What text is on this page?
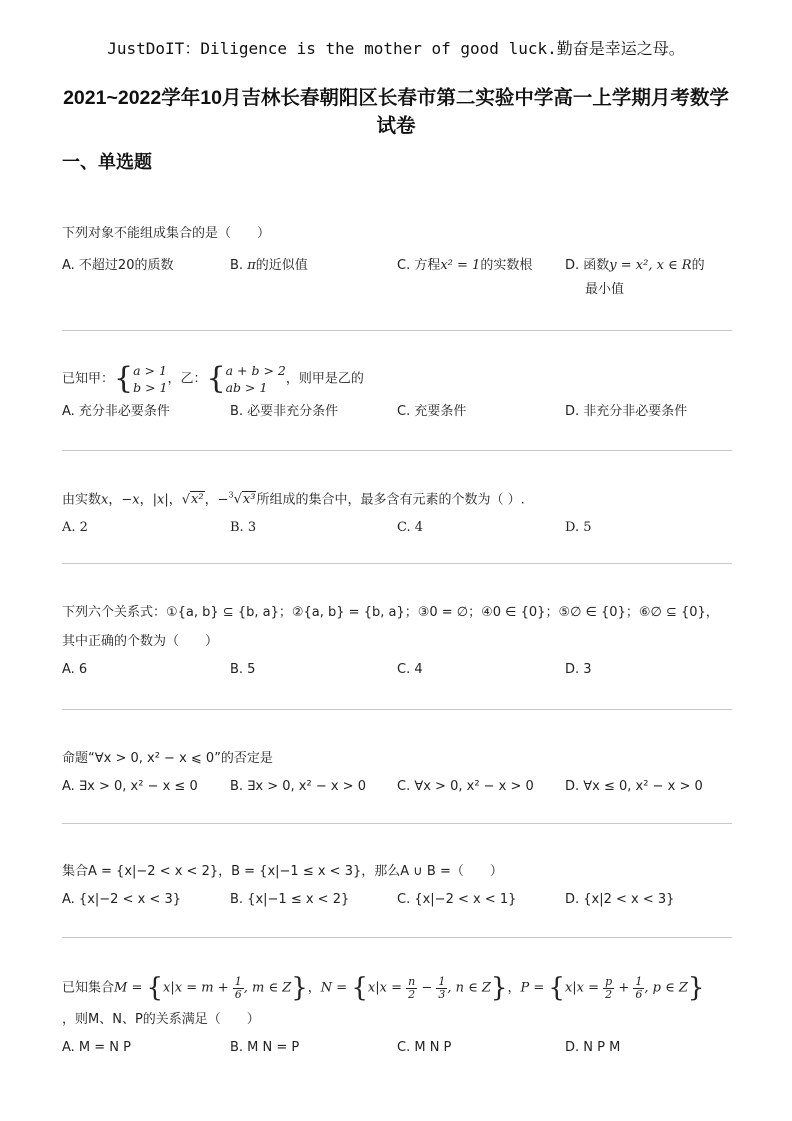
JustDoIT：Diligence is the mother of good luck.勤奋是幸运之母。
2021~2022学年10月吉林长春朝阳区长春市第二实验中学高一上学期月考数学试卷
一、单选题
下列对象不能组成集合的是（　　）
A. 不超过20的质数	B. π的近似值	C. 方程x² = 1的实数根	D. 函数y = x², x ∈ R的
最小值
已知甲：{ a > 1
b > 1
，乙：{ a + b > 2
ab > 1
，则甲是乙的
A. 充分非必要条件	B. 必要非充分条件	C. 充要条件	D. 非充分非必要条件
由实数x，−x，|x|，√x²，−$^3$√x³所组成的集合中，最多含有元素的个数为（ ）.
A. 2	B. 3	C. 4	D. 5
下列六个关系式：①{a, b} ⊆ {b, a}；②{a, b} = {b, a}；③0 = ∅；④0 ∈ {0}；⑤∅ ∈ {0}；⑥∅ ⊆ {0}，
其中正确的个数为（　　）
A. 6	B. 5	C. 4	D. 3
命题“∀x > 0, x² − x ⩽ 0”的否定是
A. ∃x > 0, x² − x ≤ 0 B. ∃x > 0, x² − x > 0 C. ∀x > 0, x² − x > 0 D. ∀x ≤ 0, x² − x > 0
集合A = {x|−2 < x < 2}，B = {x|−1 ≤ x < 3}，那么A ∪ B =（　　）
A. {x|−2 < x < 3}	B. {x|−1 ≤ x < 2}	C. {x|−2 < x < 1}	D. {x|2 < x < 3}
已知集合$M = \{x|x = m + \frac{1}{6}$ , m ∈ Z}，$N = \{x|x = \frac{n}{2} - \frac{1}{3}$ , n ∈ Z}，$P = \{x|x = \frac{p}{2} + \frac{1}{6}$ , p ∈ Z}
，则M、N、P的关系满足（　　）
A. M = N P	B. M N = P	C. M N P	D. N P M
